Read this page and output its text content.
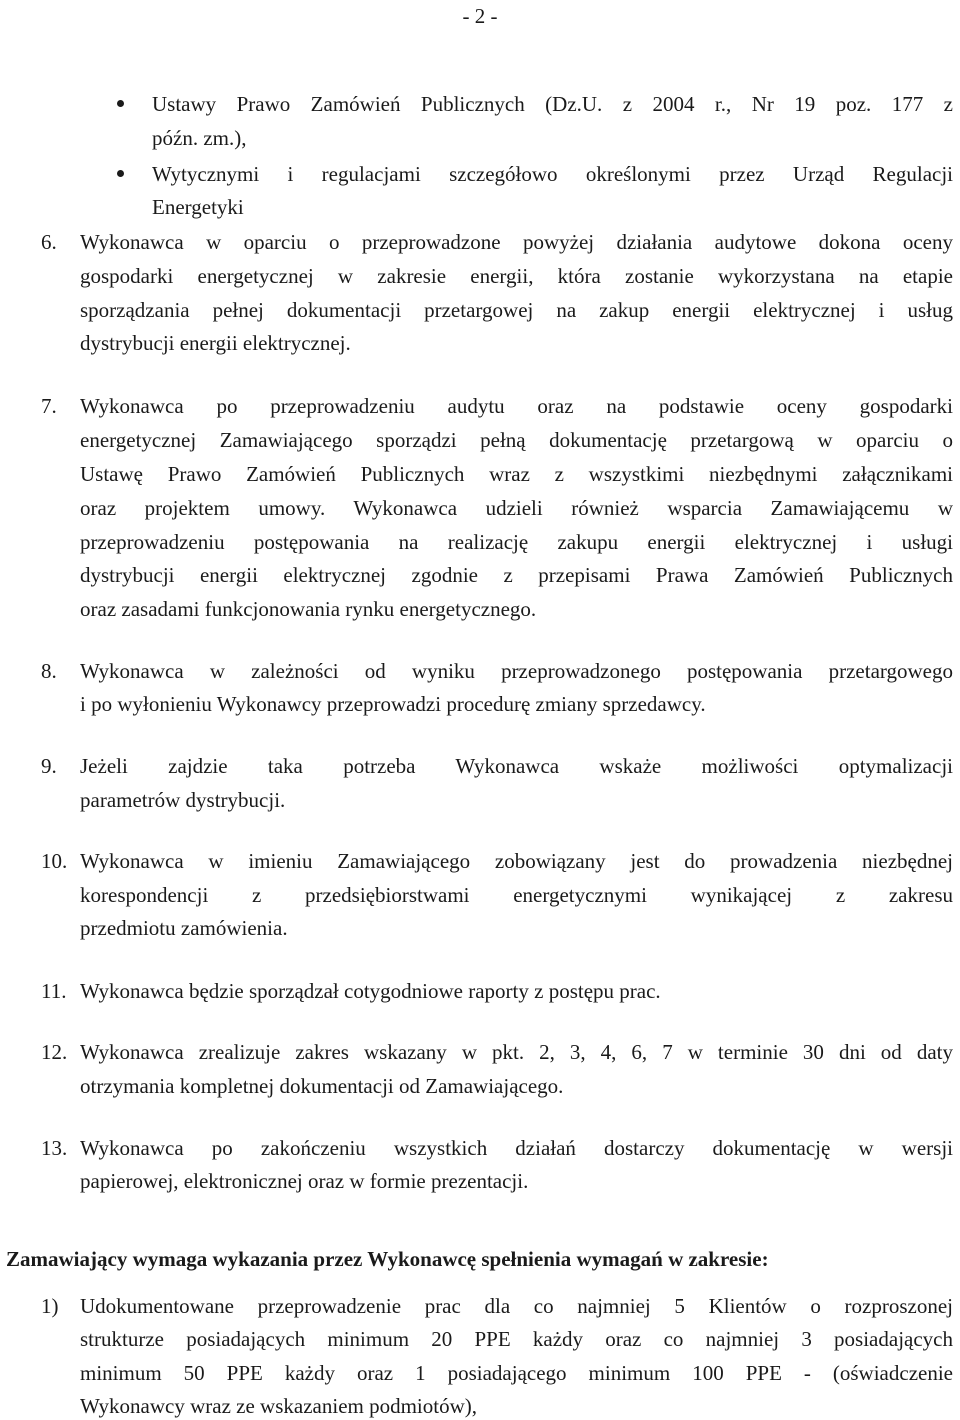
- 2 -
Ustawy Prawo Zamówień Publicznych (Dz.U. z 2004 r., Nr 19 poz. 177 z
późn. zm.),
Wytycznymi i regulacjami szczegółowo określonymi przez Urząd Regulacji
Energetyki
6. Wykonawca w oparciu o przeprowadzone powyżej działania audytowe dokona oceny
gospodarki energetycznej w zakresie energii, która zostanie wykorzystana na etapie
sporządzania pełnej dokumentacji przetargowej na zakup energii elektrycznej i usług
dystrybucji energii elektrycznej.
7. Wykonawca po przeprowadzeniu audytu oraz na podstawie oceny gospodarki
energetycznej Zamawiającego sporządzi pełną dokumentację przetargową w oparciu o
Ustawę Prawo Zamówień Publicznych wraz z wszystkimi niezbędnymi załącznikami
oraz projektem umowy. Wykonawca udzieli również wsparcia Zamawiającemu w
przeprowadzeniu postępowania na realizację zakupu energii elektrycznej i usługi
dystrybucji energii elektrycznej zgodnie z przepisami Prawa Zamówień Publicznych
oraz zasadami funkcjonowania rynku energetycznego.
8. Wykonawca w zależności od wyniku przeprowadzonego postępowania przetargowego
i po wyłonieniu Wykonawcy przeprowadzi procedurę zmiany sprzedawcy.
9. Jeżeli zajdzie taka potrzeba Wykonawca wskaże możliwości optymalizacji
parametrów dystrybucji.
10. Wykonawca w imieniu Zamawiającego zobowiązany jest do prowadzenia niezbędnej
korespondencji z przedsiębiorstwami energetycznymi wynikającej z zakresu
przedmiotu zamówienia.
11. Wykonawca będzie sporządzał cotygodniowe raporty z postępu prac.
12. Wykonawca zrealizuje zakres wskazany w pkt. 2, 3, 4, 6, 7 w terminie 30 dni od daty
otrzymania kompletnej dokumentacji od Zamawiającego.
13. Wykonawca po zakończeniu wszystkich działań dostarczy dokumentację w wersji
papierowej, elektronicznej oraz w formie prezentacji.
Zamawiający wymaga wykazania przez Wykonawcę spełnienia wymagań w zakresie:
1) Udokumentowane przeprowadzenie prac dla co najmniej 5 Klientów o rozproszonej
strukturze posiadających minimum 20 PPE każdy oraz co najmniej 3 posiadających
minimum 50 PPE każdy oraz 1 posiadającego minimum 100 PPE - (oświadczenie
Wykonawcy wraz ze wskazaniem podmiotów),
